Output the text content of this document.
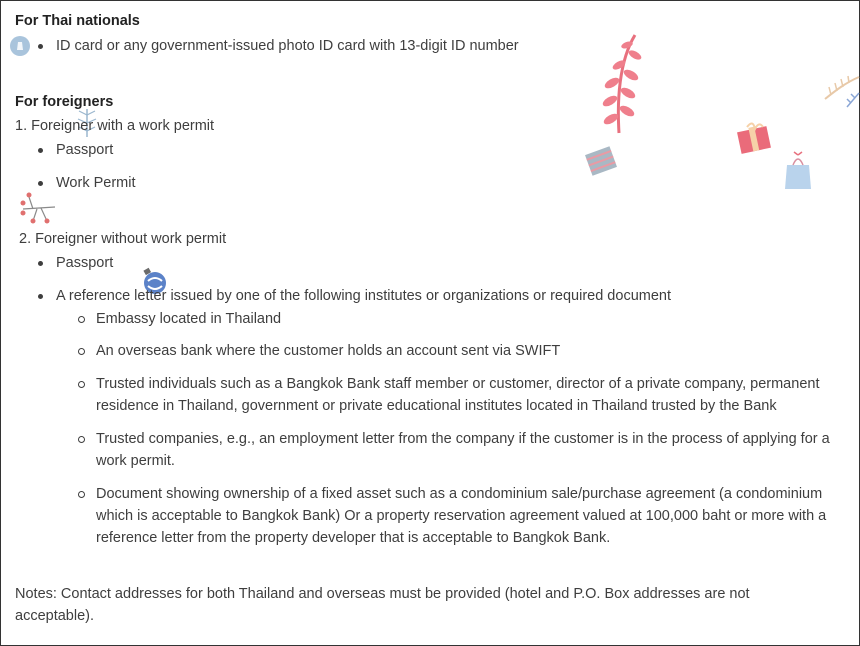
For Thai nationals
ID card or any government-issued photo ID card with 13-digit ID number
For foreigners
1. Foreigner with a work permit
Passport
Work Permit
2. Foreigner without work permit
Passport
A reference letter issued by one of the following institutes or organizations or required document
Embassy located in Thailand
An overseas bank where the customer holds an account sent via SWIFT
Trusted individuals such as a Bangkok Bank staff member or customer, director of a private company, permanent residence in Thailand, government or private educational institutes located in Thailand trusted by the Bank
Trusted companies, e.g., an employment letter from the company if the customer is in the process of applying for a work permit.
Document showing ownership of a fixed asset such as a condominium sale/purchase agreement (a condominium which is acceptable to Bangkok Bank) Or a property reservation agreement valued at 100,000 baht or more with a reference letter from the property developer that is acceptable to Bangkok Bank.
Notes: Contact addresses for both Thailand and overseas must be provided (hotel and P.O. Box addresses are not acceptable).
